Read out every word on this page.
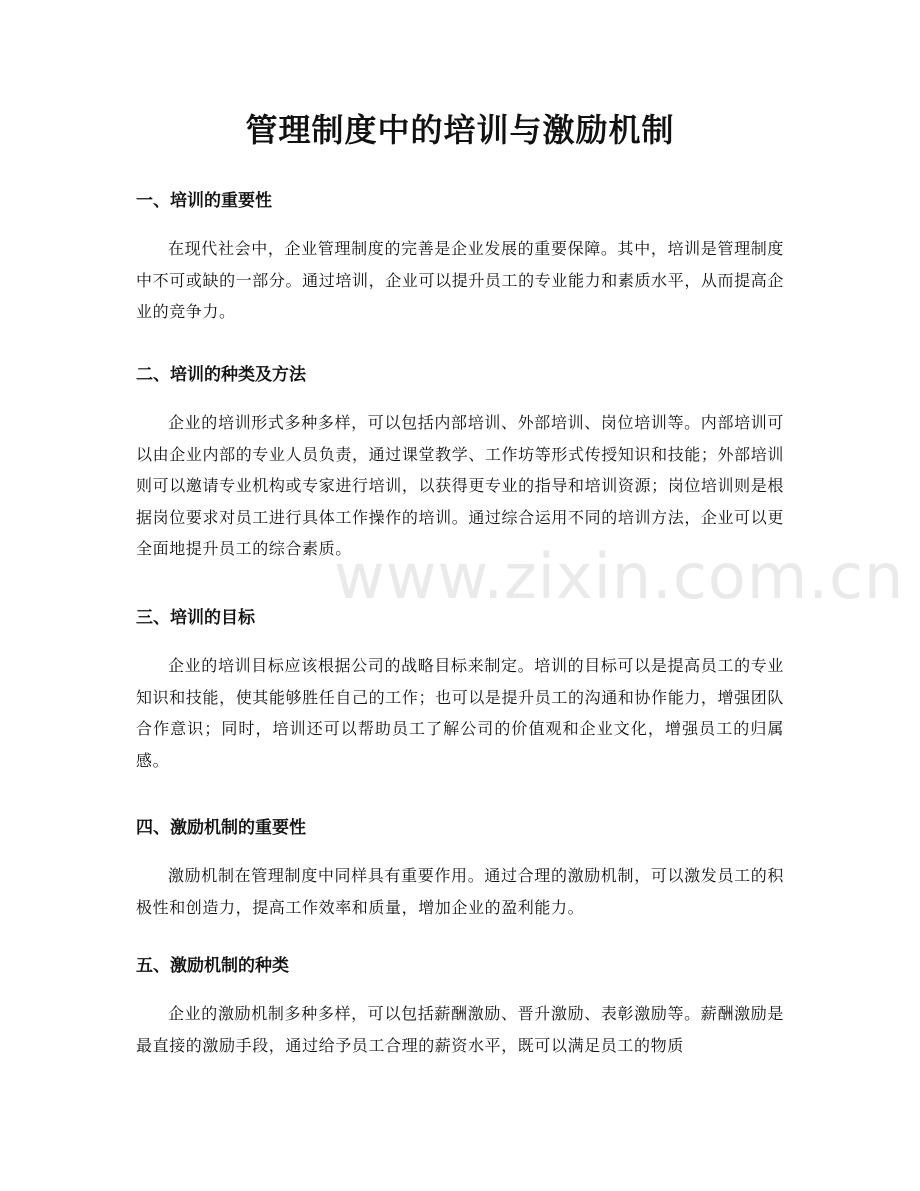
管理制度中的培训与激励机制
一、培训的重要性

在现代社会中，企业管理制度的完善是企业发展的重要保障。其中，培训是管理制度中不可或缺的一部分。通过培训，企业可以提升员工的专业能力和素质水平，从而提高企业的竞争力。

二、培训的种类及方法

企业的培训形式多种多样，可以包括内部培训、外部培训、岗位培训等。内部培训可以由企业内部的专业人员负责，通过课堂教学、工作坊等形式传授知识和技能；外部培训则可以邀请专业机构或专家进行培训，以获得更专业的指导和培训资源；岗位培训则是根据岗位要求对员工进行具体工作操作的培训。通过综合运用不同的培训方法，企业可以更全面地提升员工的综合素质。

三、培训的目标

企业的培训目标应该根据公司的战略目标来制定。培训的目标可以是提高员工的专业知识和技能，使其能够胜任自己的工作；也可以是提升员工的沟通和协作能力，增强团队合作意识；同时，培训还可以帮助员工了解公司的价值观和企业文化，增强员工的归属感。

四、激励机制的重要性

激励机制在管理制度中同样具有重要作用。通过合理的激励机制，可以激发员工的积极性和创造力，提高工作效率和质量，增加企业的盈利能力。

五、激励机制的种类

企业的激励机制多种多样，可以包括薪酬激励、晋升激励、表彰激励等。薪酬激励是最直接的激励手段，通过给予员工合理的薪资水平，既可以满足员工的物质

www.zixin.com.cn
